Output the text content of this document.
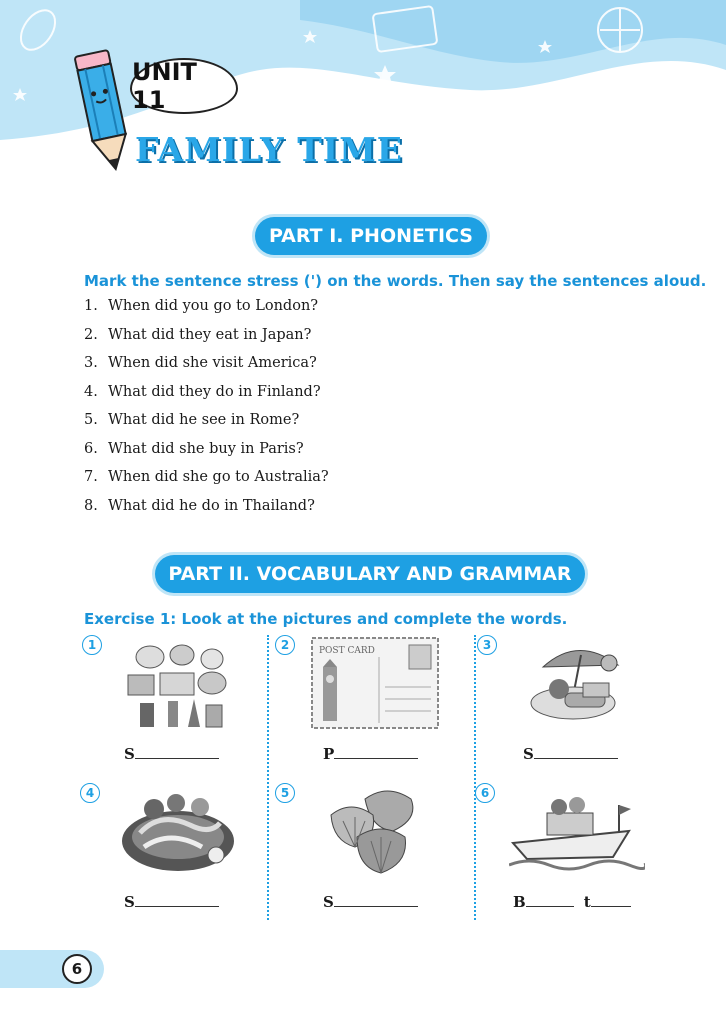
UNIT 11
FAMILY TIME
PART I. PHONETICS
Mark the sentence stress (') on the words. Then say the sentences aloud.
1. When did you go to London?
2. What did they eat in Japan?
3. When did she visit America?
4. What did they do in Finland?
5. What did he see in Rome?
6. What did she buy in Paris?
7. When did she go to Australia?
8. What did he do in Thailand?
PART II. VOCABULARY AND GRAMMAR
Exercise 1: Look at the pictures and complete the words.
1
S
2	POST CARD
P
3
S
4
S
5
S
6
B	t
6
